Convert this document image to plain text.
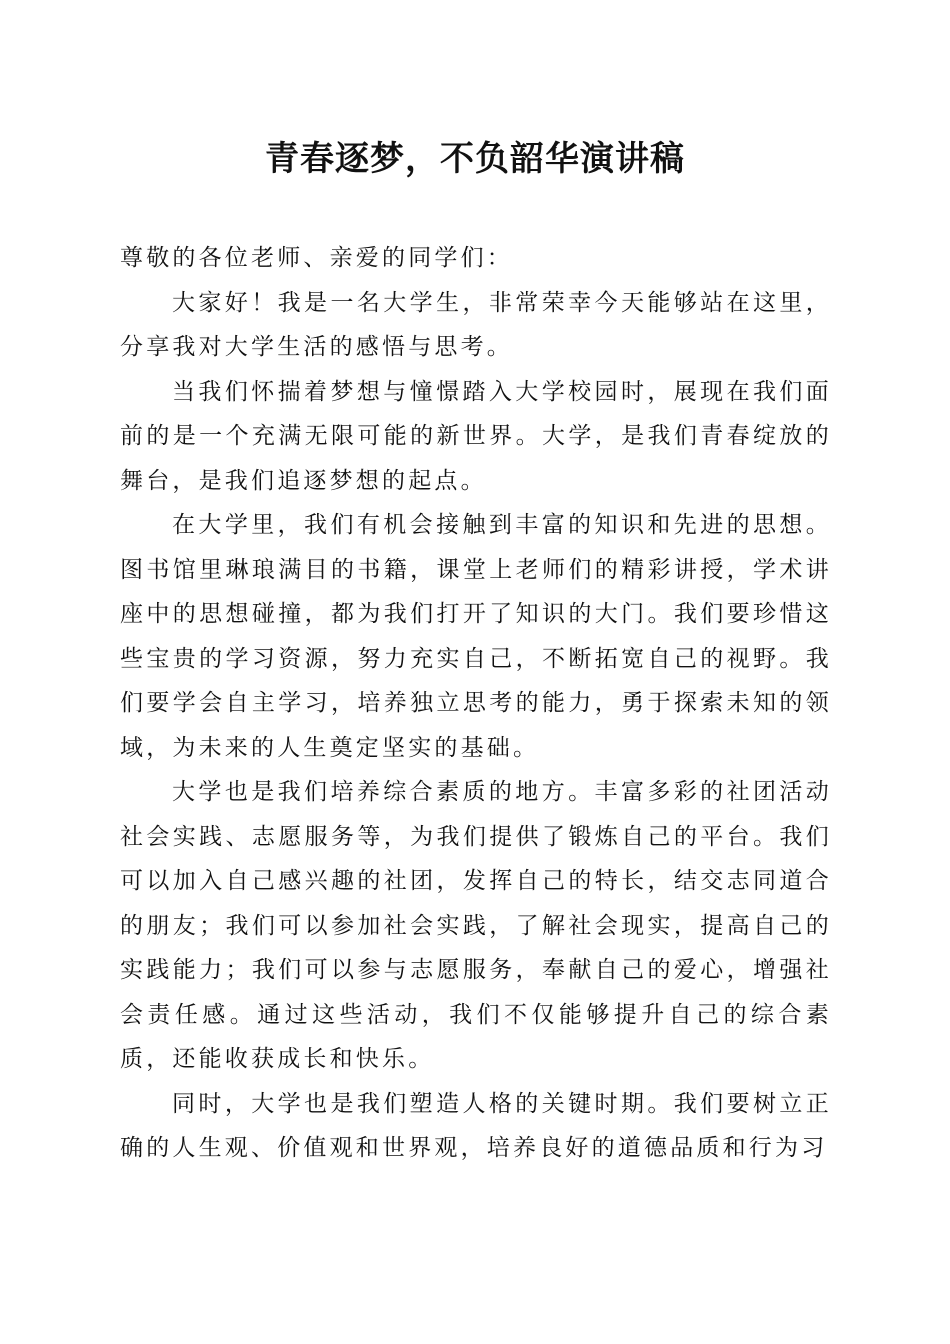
青春逐梦，不负韶华演讲稿

尊敬的各位老师、亲爱的同学们：

大家好！我是一名大学生，非常荣幸今天能够站在这里，分享我对大学生活的感悟与思考。

当我们怀揣着梦想与憧憬踏入大学校园时，展现在我们面前的是一个充满无限可能的新世界。大学，是我们青春绽放的舞台，是我们追逐梦想的起点。

在大学里，我们有机会接触到丰富的知识和先进的思想。图书馆里琳琅满目的书籍，课堂上老师们的精彩讲授，学术讲座中的思想碰撞，都为我们打开了知识的大门。我们要珍惜这些宝贵的学习资源，努力充实自己，不断拓宽自己的视野。我们要学会自主学习，培养独立思考的能力，勇于探索未知的领域，为未来的人生奠定坚实的基础。

大学也是我们培养综合素质的地方。丰富多彩的社团活动社会实践、志愿服务等，为我们提供了锻炼自己的平台。我们可以加入自己感兴趣的社团，发挥自己的特长，结交志同道合的朋友；我们可以参加社会实践，了解社会现实，提高自己的实践能力；我们可以参与志愿服务，奉献自己的爱心，增强社会责任感。通过这些活动，我们不仅能够提升自己的综合素质，还能收获成长和快乐。

同时，大学也是我们塑造人格的关键时期。我们要树立正确的人生观、价值观和世界观，培养良好的道德品质和行为习
